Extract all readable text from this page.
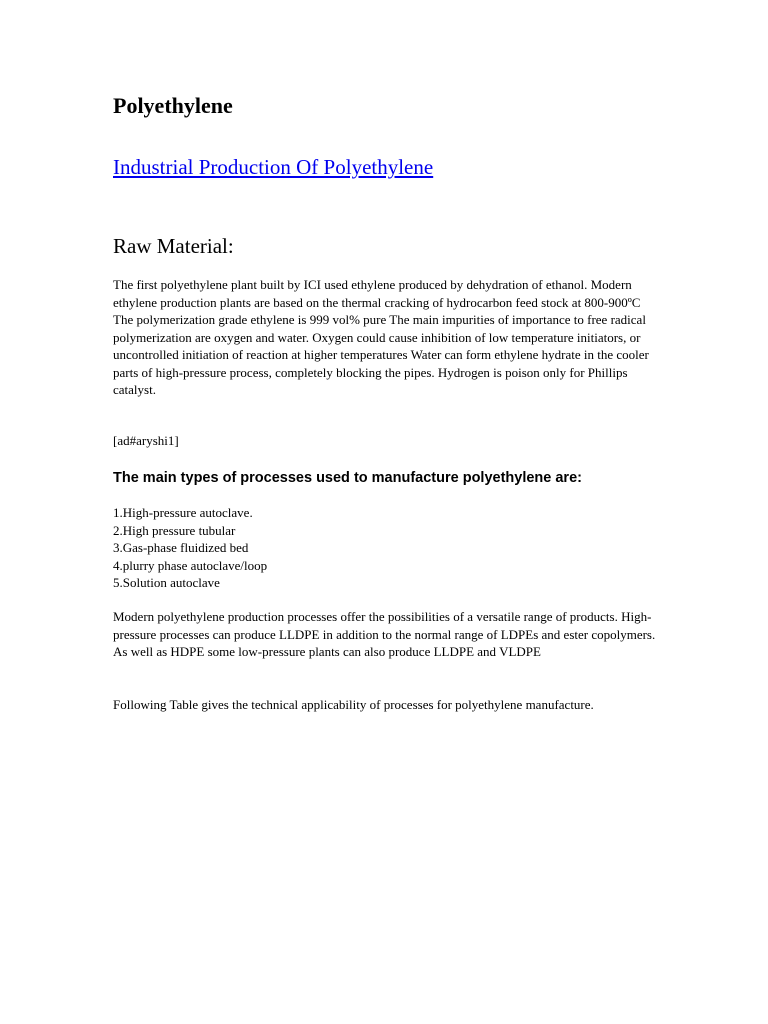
Polyethylene
Industrial Production Of Polyethylene
Raw Material:

The first polyethylene plant built by ICI used ethylene produced by dehydration of ethanol. Modern ethylene production plants are based on the thermal cracking of hydrocarbon feed stock at 800-900ºC The polymerization grade ethylene is 999 vol% pure The main impurities of importance to free radical polymerization are oxygen and water. Oxygen could cause inhibition of low temperature initiators, or uncontrolled initiation of reaction at higher temperatures Water can form ethylene hydrate in the cooler parts of high-pressure process, completely blocking the pipes. Hydrogen is poison only for Phillips catalyst.

[ad#aryshi1]

The main types of processes used to manufacture polyethylene are:
1.High-pressure autoclave.
2.High pressure tubular
3.Gas-phase fluidized bed
4.plurry phase autoclave/loop
5.Solution autoclave

Modern polyethylene production processes offer the possibilities of a versatile range of products. High-pressure processes can produce LLDPE in addition to the normal range of LDPEs and ester copolymers. As well as HDPE some low-pressure plants can also produce LLDPE and VLDPE

Following Table gives the technical applicability of processes for polyethylene manufacture.
